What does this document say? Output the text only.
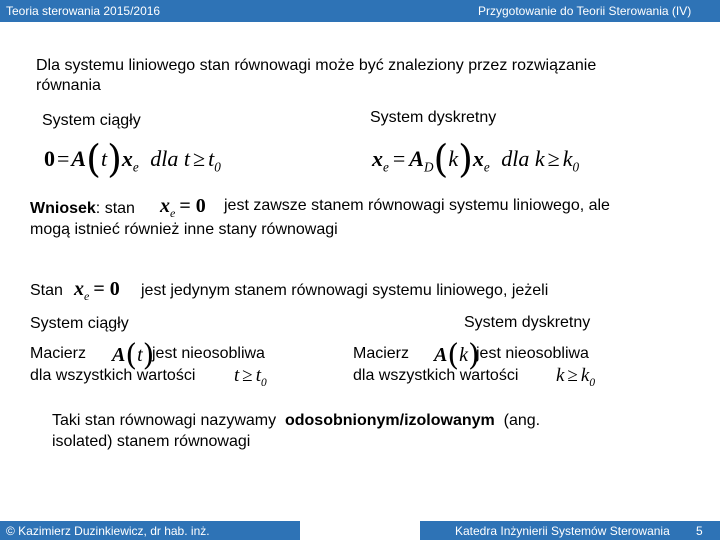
Teoria sterowania 2015/2016	Przygotowanie do Teorii Sterowania (IV)
Dla systemu liniowego stan równowagi może być znaleziony przez rozwiązanie
równania
System ciągły
$0=A(t)x_e$ dla $t \ge t_0$
System dyskretny
$x_e = A_D(k)x_e$ dla $k \ge k_0$
Wniosek: stan $x_e = 0$ jest zawsze stanem równowagi systemu liniowego, ale
mogą istnieć również inne stany równowagi
Stan $x_e = 0$ jest jedynym stanem równowagi systemu liniowego, jeżeli
System ciągły
Macierz A(t)
jest nieosobliwa
dla wszystkich wartości $t \ge t_0$
System dyskretny
Macierz A(k)
jest nieosobliwa
dla wszystkich wartości $k \ge k_0$
Taki stan równowagi nazywamy odosobnionym/izolowanym (ang.
isolated) stanem równowagi
© Kazimierz Duzinkiewicz, dr hab. inż.	Katedra Inżynierii Systemów Sterowania 5
